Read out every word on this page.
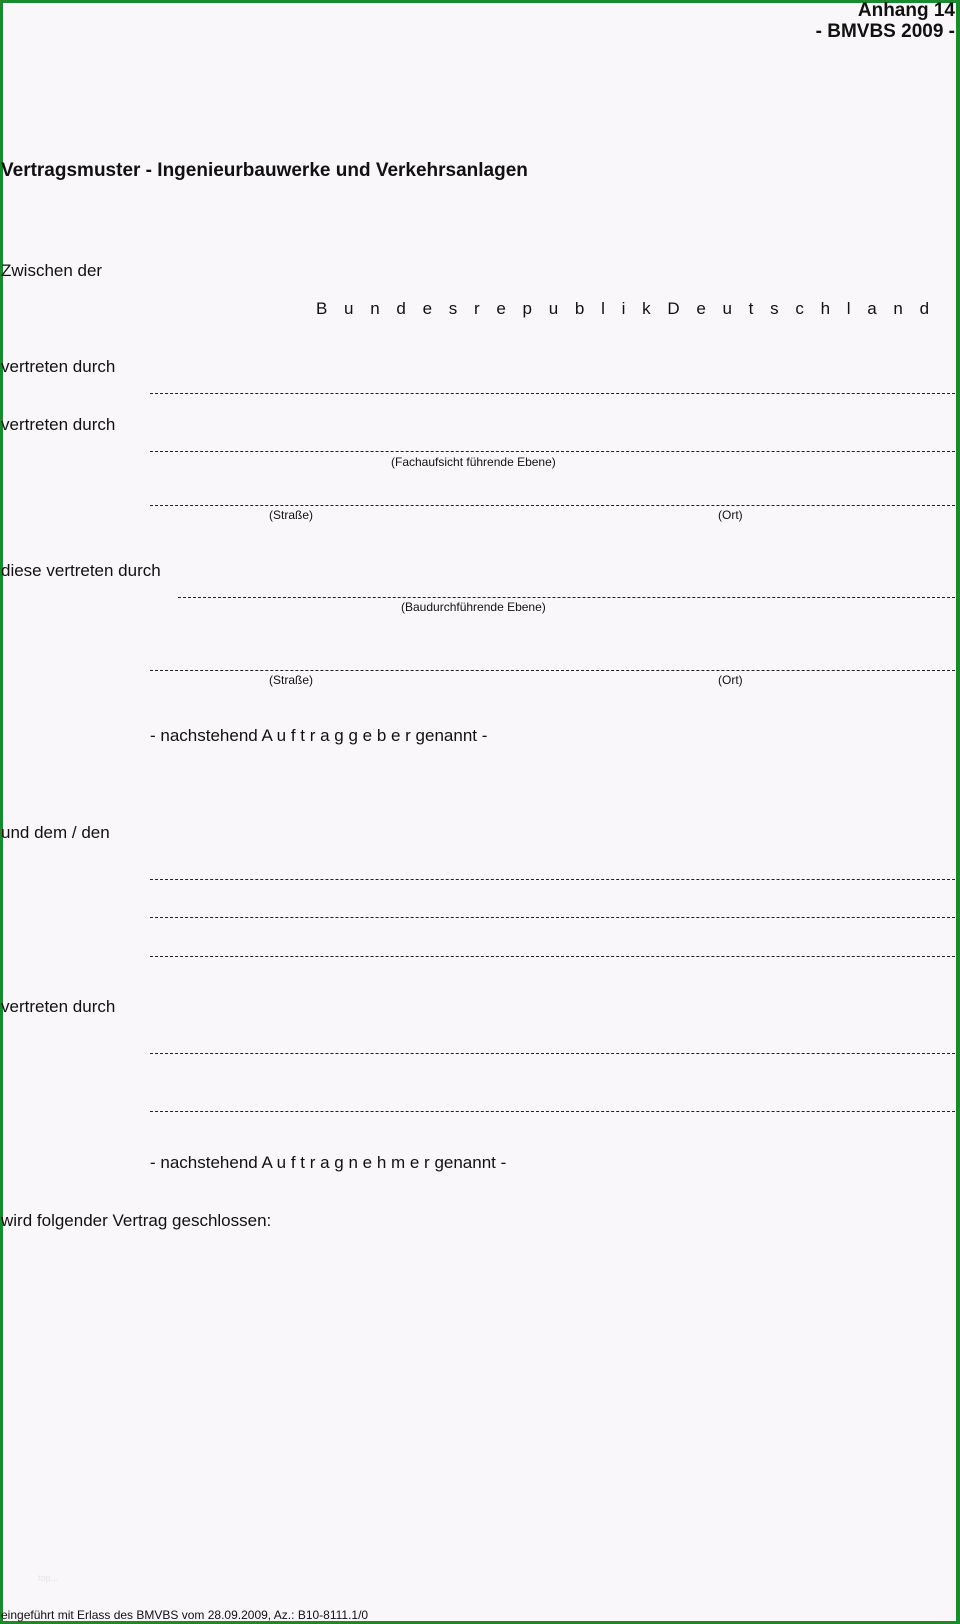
Anhang 14
- BMVBS 2009 -
Vertragsmuster - Ingenieurbauwerke und Verkehrsanlagen
Zwischen der
B u n d e s r e p u b l i k D e u t s c h l a n d
vertreten durch
vertreten durch
(Fachaufsicht führende Ebene)
(Straße)	(Ort)
diese vertreten durch
(Baudurchführende Ebene)
(Straße)	(Ort)
- nachstehend A u f t r a g g e b e r genannt -
und dem / den
vertreten durch
- nachstehend A u f t r a g n e h m e r genannt -
wird folgender Vertrag geschlossen:
top...
eingeführt mit Erlass des BMVBS vom 28.09.2009, Az.: B10-8111.1/0
